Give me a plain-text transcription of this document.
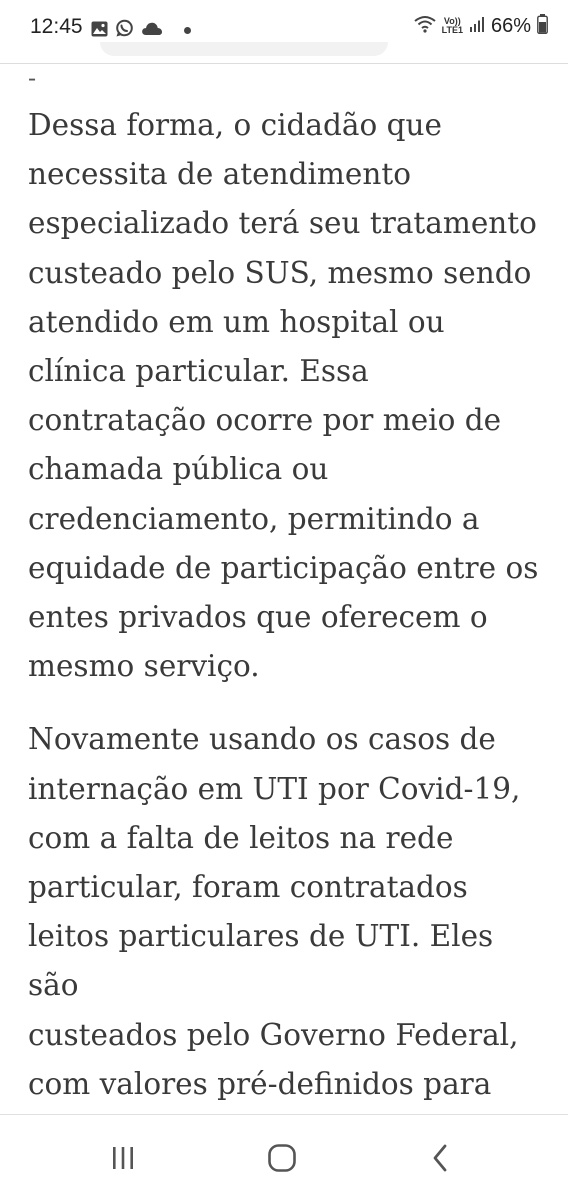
12:45	Vo))
LTE1 66%

-

Dessa forma, o cidadão que
necessita de atendimento
especializado terá seu tratamento
custeado pelo SUS, mesmo sendo
atendido em um hospital ou
clínica particular. Essa
contratação ocorre por meio de
chamada pública ou
credenciamento, permitindo a
equidade de participação entre os
entes privados que oferecem o
mesmo serviço.

Novamente usando os casos de
internação em UTI por Covid-19,
com a falta de leitos na rede
particular, foram contratados
leitos particulares de UTI. Eles são
custeados pelo Governo Federal,
com valores pré-definidos para
